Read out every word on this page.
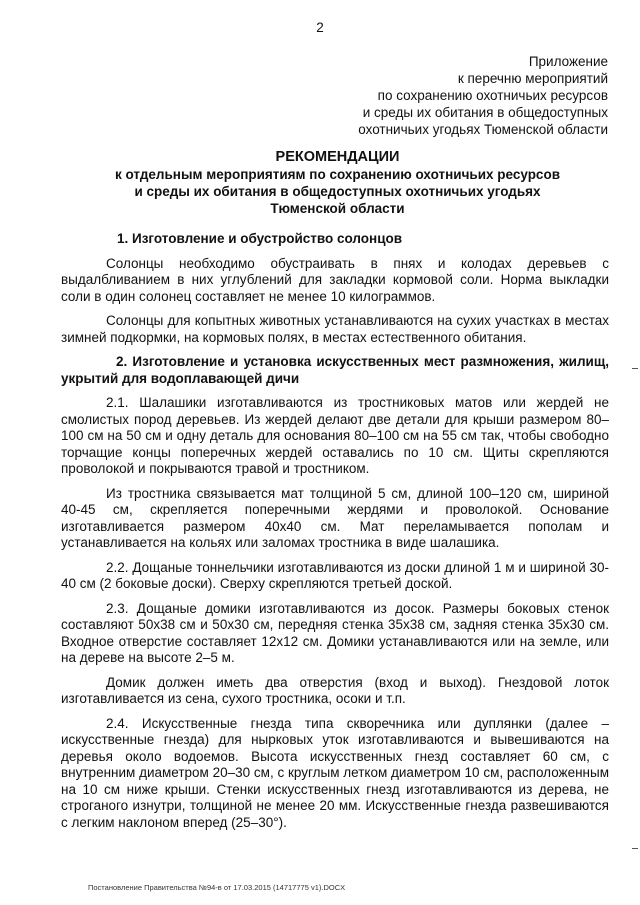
2
Приложение
к перечню мероприятий
по сохранению охотничьих ресурсов
и среды их обитания в общедоступных
охотничьих угодьях Тюменской области
РЕКОМЕНДАЦИИ
к отдельным мероприятиям по сохранению охотничьих ресурсов
и среды их обитания в общедоступных охотничьих угодьях
Тюменской области
1. Изготовление и обустройство солонцов
Солонцы необходимо обустраивать в пнях и колодах деревьев с выдалбливанием в них углублений для закладки кормовой соли. Норма выкладки соли в один солонец составляет не менее 10 килограммов.
Солонцы для копытных животных устанавливаются на сухих участках в местах зимней подкормки, на кормовых полях, в местах естественного обитания.
2. Изготовление и установка искусственных мест размножения, жилищ, укрытий для водоплавающей дичи
2.1. Шалашики изготавливаются из тростниковых матов или жердей не смолистых пород деревьев. Из жердей делают две детали для крыши размером 80–100 см на 50 см и одну деталь для основания 80–100 см на 55 см так, чтобы свободно торчащие концы поперечных жердей оставались по 10 см. Щиты скрепляются проволокой и покрываются травой и тростником.
Из тростника связывается мат толщиной 5 см, длиной 100–120 см, шириной 40-45 см, скрепляется поперечными жердями и проволокой. Основание изготавливается размером 40х40 см. Мат переламывается пополам и устанавливается на кольях или заломах тростника в виде шалашика.
2.2. Дощаные тоннельчики изготавливаются из доски длиной 1 м и шириной 30-40 см (2 боковые доски). Сверху скрепляются третьей доской.
2.3. Дощаные домики изготавливаются из досок. Размеры боковых стенок составляют 50х38 см и 50х30 см, передняя стенка 35х38 см, задняя стенка 35х30 см. Входное отверстие составляет 12х12 см. Домики устанавливаются или на земле, или на дереве на высоте 2–5 м.
Домик должен иметь два отверстия (вход и выход). Гнездовой лоток изготавливается из сена, сухого тростника, осоки и т.п.
2.4. Искусственные гнезда типа скворечника или дуплянки (далее – искусственные гнезда) для нырковых уток изготавливаются и вывешиваются на деревья около водоемов. Высота искусственных гнезд составляет 60 см, с внутренним диаметром 20–30 см, с круглым летком диаметром 10 см, расположенным на 10 см ниже крыши. Стенки искусственных гнезд изготавливаются из дерева, не строганого изнутри, толщиной не менее 20 мм. Искусственные гнезда развешиваются с легким наклоном вперед (25–30°).
Постановление Правительства №94-в от 17.03.2015 (14717775 v1).DOCX
